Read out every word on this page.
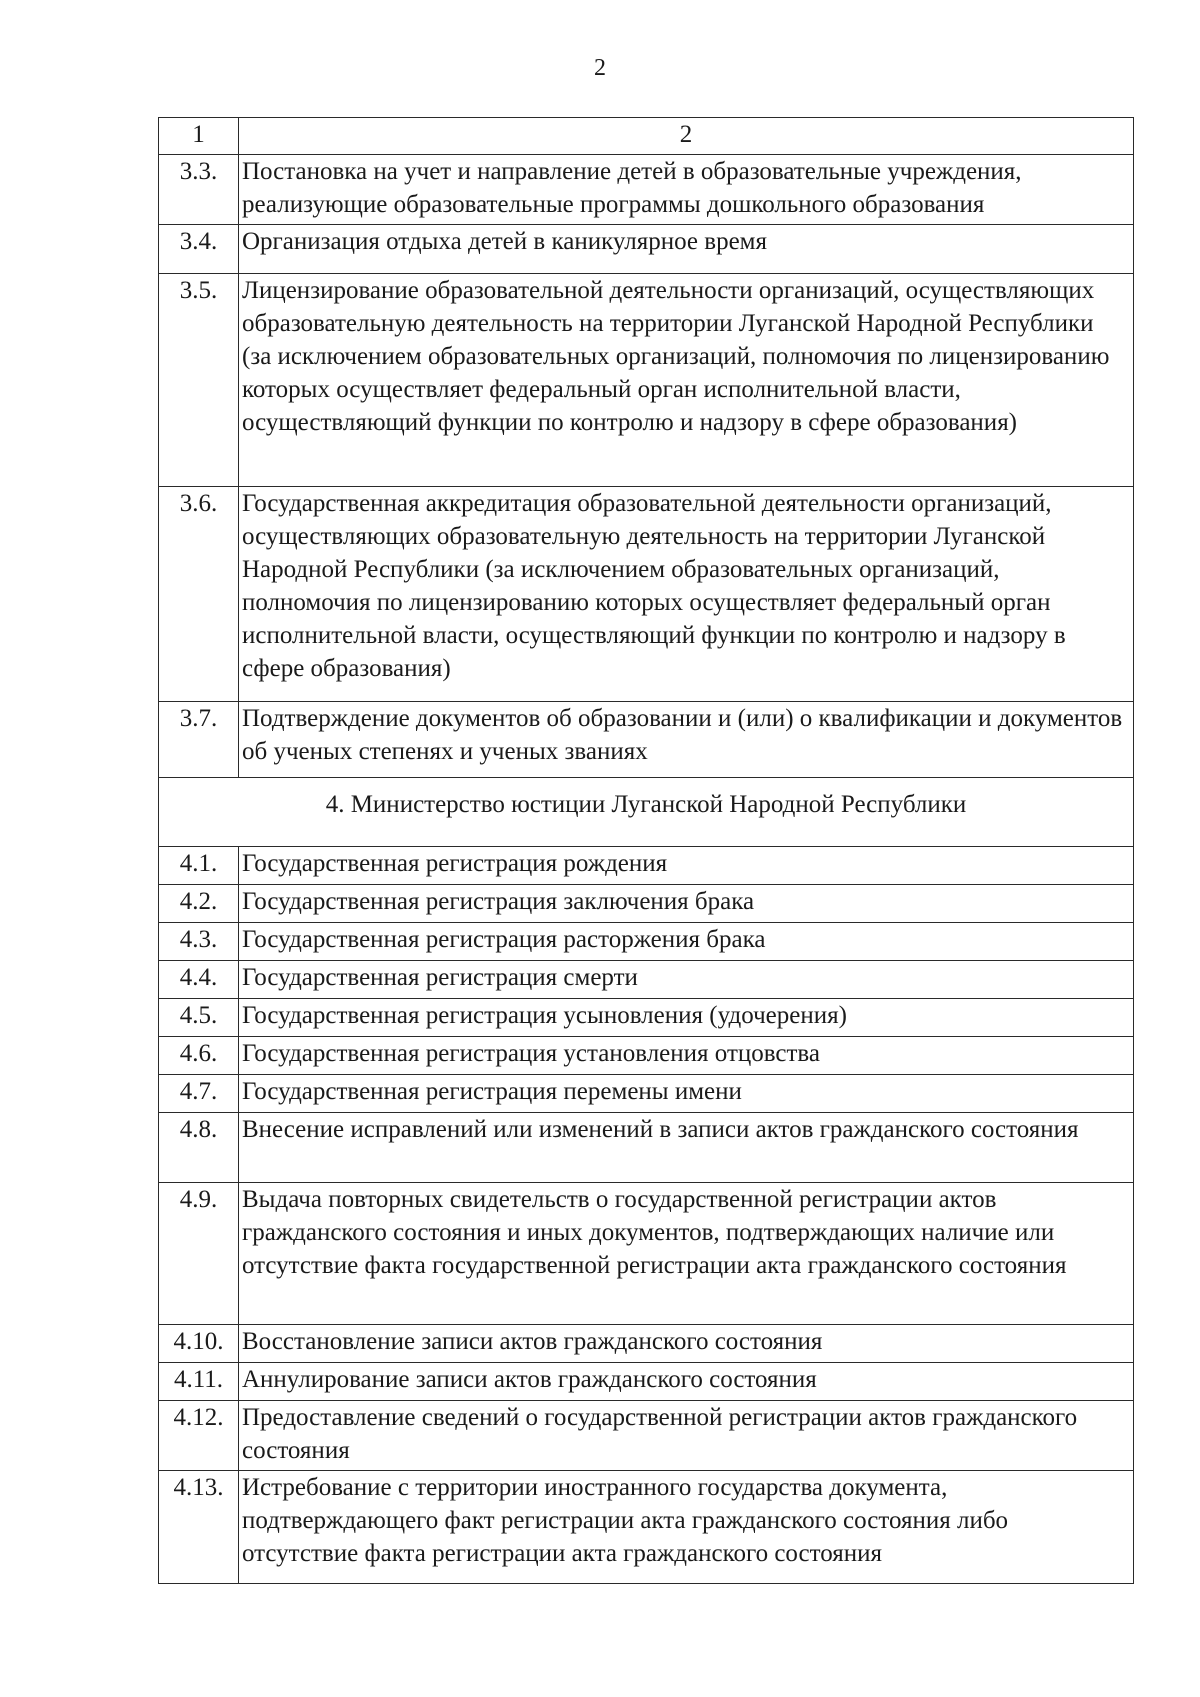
2
1	2
3.3.	Постановка на учет и направление детей в образовательные учреждения, реализующие образовательные программы дошкольного образования
3.4.	Организация отдыха детей в каникулярное время
3.5.	Лицензирование образовательной деятельности организаций, осуществляющих образовательную деятельность на территории Луганской Народной Республики (за исключением образовательных организаций, полномочия по лицензированию которых осуществляет федеральный орган исполнительной власти, осуществляющий функции по контролю и надзору в сфере образования)
3.6.	Государственная аккредитация образовательной деятельности организаций, осуществляющих образовательную деятельность на территории Луганской Народной Республики (за исключением образовательных организаций, полномочия по лицензированию которых осуществляет федеральный орган исполнительной власти, осуществляющий функции по контролю и надзору в сфере образования)
3.7.	Подтверждение документов об образовании и (или) о квалификации и документов об ученых степенях и ученых званиях
4. Министерство юстиции Луганской Народной Республики	
4.1.	Государственная регистрация рождения
4.2.	Государственная регистрация заключения брака
4.3.	Государственная регистрация расторжения брака
4.4.	Государственная регистрация смерти
4.5.	Государственная регистрация усыновления (удочерения)
4.6.	Государственная регистрация установления отцовства
4.7.	Государственная регистрация перемены имени
4.8.	Внесение исправлений или изменений в записи актов гражданского состояния
4.9.	Выдача повторных свидетельств о государственной регистрации актов гражданского состояния и иных документов, подтверждающих наличие или отсутствие факта государственной регистрации акта гражданского состояния
4.10.	Восстановление записи актов гражданского состояния
4.11.	Аннулирование записи актов гражданского состояния
4.12.	Предоставление сведений о государственной регистрации актов гражданского состояния
4.13.	Истребование с территории иностранного государства документа, подтверждающего факт регистрации акта гражданского состояния либо отсутствие факта регистрации акта гражданского состояния
